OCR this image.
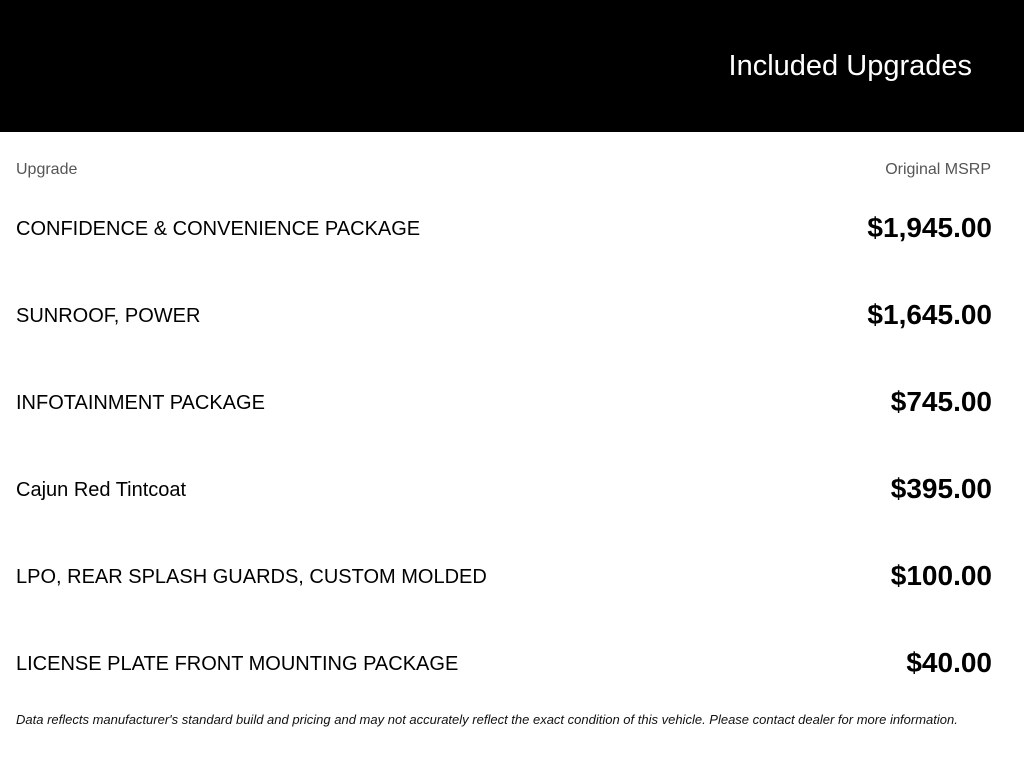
Included Upgrades
Upgrade	Original MSRP
CONFIDENCE & CONVENIENCE PACKAGE	$1,945.00
SUNROOF, POWER	$1,645.00
INFOTAINMENT PACKAGE	$745.00
Cajun Red Tintcoat	$395.00
LPO, REAR SPLASH GUARDS, CUSTOM MOLDED	$100.00
LICENSE PLATE FRONT MOUNTING PACKAGE	$40.00
Data reflects manufacturer's standard build and pricing and may not accurately reflect the exact condition of this vehicle. Please contact dealer for more information.
